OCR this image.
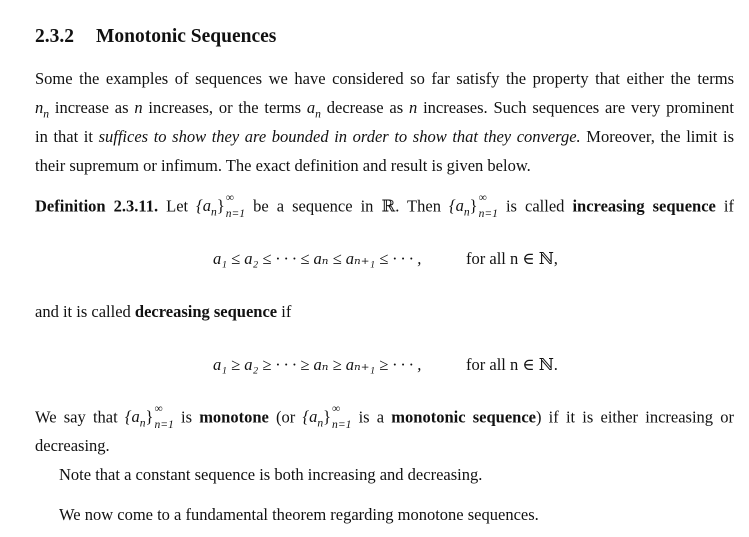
2.3.2 Monotonic Sequences

Some the examples of sequences we have considered so far satisfy the property that either the terms

$n_n$ increase as n increases, or the terms $a_n$ decrease as n increases. Such sequences are very prominent

in that it suffices to show they are bounded in order to show that they converge. Moreover, the limit is

their supremum or infimum. The exact definition and result is given below.

Definition 2.3.11. Let $\{a_n\}$ ∞
n=1 be a sequence in ℝ. Then $\{a_n\}$ ∞
n=1 is called increasing sequence if

a₁ ≤ a₂ ≤ · · · ≤ aₙ ≤ aₙ₊₁ ≤ · · · ,	for all n ∈ ℕ,

and it is called decreasing sequence if

a₁ ≥ a₂ ≥ · · · ≥ aₙ ≥ aₙ₊₁ ≥ · · · ,	for all n ∈ ℕ.

We say that $\{a_n\}$ ∞
n=1 is monotone (or $\{a_n\}$ ∞
n=1 is a monotonic sequence) if it is either increasing or

decreasing.

Note that a constant sequence is both increasing and decreasing.

We now come to a fundamental theorem regarding monotone sequences.
